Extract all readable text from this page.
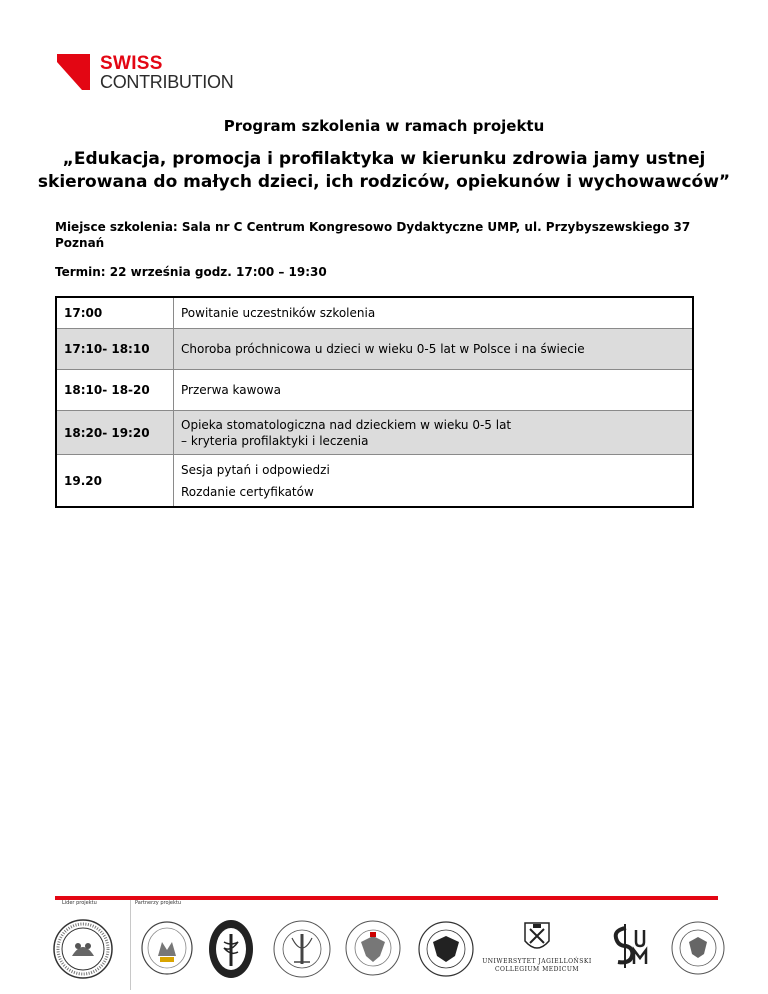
SWISS
CONTRIBUTION
Program szkolenia w ramach projektu
„Edukacja, promocja i profilaktyka w kierunku zdrowia jamy ustnej
skierowana do małych dzieci, ich rodziców, opiekunów i wychowawców”
Miejsce szkolenia: Sala nr C Centrum Kongresowo Dydaktyczne UMP, ul. Przybyszewskiego 37
Poznań
Termin: 22 września godz. 17:00 – 19:30
17:00	Powitanie uczestników szkolenia
17:10- 18:10	Choroba próchnicowa u dzieci w wieku 0-5 lat w Polsce i na świecie
18:10- 18-20	Przerwa kawowa
18:20- 19:20	Opieka stomatologiczna nad dzieckiem w wieku 0-5 lat
– kryteria profilaktyki i leczenia

19.20	Sesja pytań i odpowiedzi
Rozdanie certyfikatów
Lider projektu	Partnerzy projektu
UNIWERSYTET JAGIELLOŃSKI
COLLEGIUM MEDICUM
